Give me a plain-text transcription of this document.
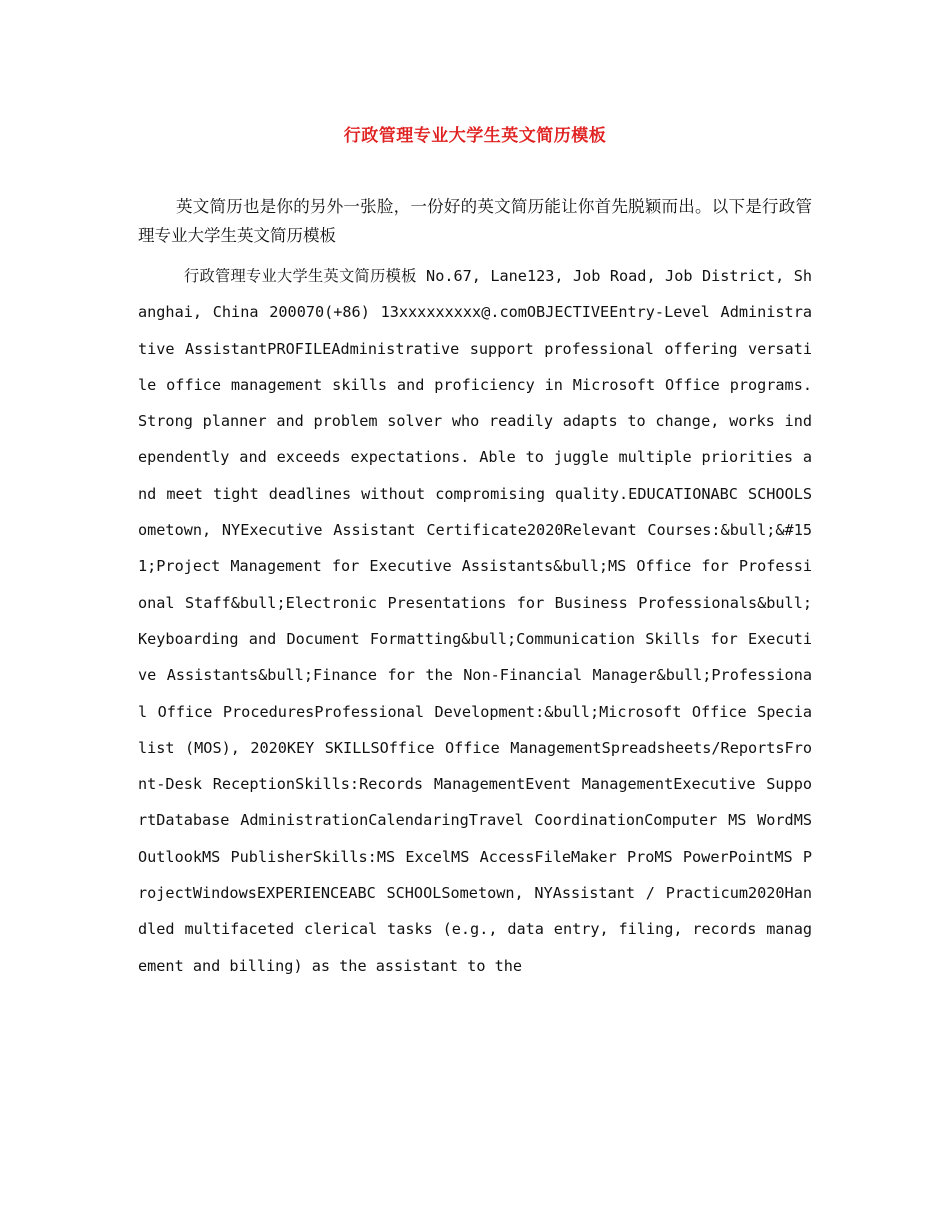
行政管理专业大学生英文简历模板

英文简历也是你的另外一张脸，一份好的英文简历能让你首先脱颖而出。以下是行政管理专业大学生英文简历模板

行政管理专业大学生英文简历模板 No.67, Lane123, Job Road, Job District, Shanghai, China 200070(+86) 13xxxxxxxxx@.comOBJECTIVEEntry-Level Administrative AssistantPROFILEAdministrative support professional offering versatile office management skills and proficiency in Microsoft Office programs. Strong planner and problem solver who readily adapts to change, works independently and exceeds expectations. Able to juggle multiple priorities and meet tight deadlines without compromising quality.EDUCATIONABC SCHOOLSometown, NYExecutive Assistant Certificate2020Relevant Courses:&bull;&#151;Project Management for Executive Assistants&bull;MS Office for Professional Staff&bull;Electronic Presentations for Business Professionals&bull;Keyboarding and Document Formatting&bull;Communication Skills for Executive Assistants&bull;Finance for the Non-Financial Manager&bull;Professional Office ProceduresProfessional Development:&bull;Microsoft Office Specialist (MOS), 2020KEY SKILLSOffice Office ManagementSpreadsheets/ReportsFront-Desk ReceptionSkills:Records ManagementEvent ManagementExecutive SupportDatabase AdministrationCalendaringTravel CoordinationComputer MS WordMS OutlookMS PublisherSkills:MS ExcelMS AccessFileMaker ProMS PowerPointMS ProjectWindowsEXPERIENCEABC SCHOOLSometown, NYAssistant / Practicum2020Handled multifaceted clerical tasks (e.g., data entry, filing, records management and billing) as the assistant to the
